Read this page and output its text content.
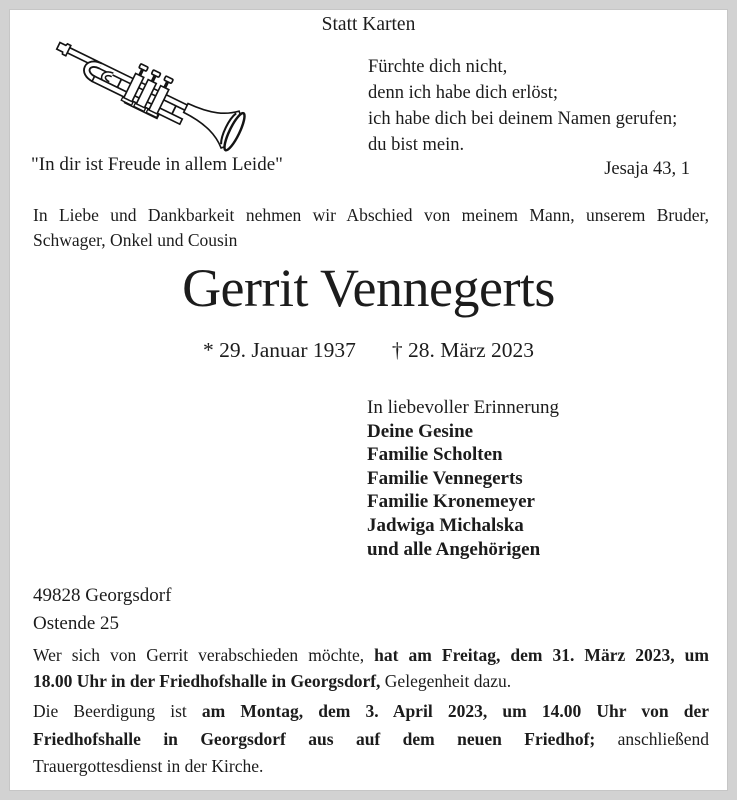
Statt Karten
Fürchte dich nicht,
denn ich habe dich erlöst;
ich habe dich bei deinem Namen gerufen;
du bist mein.
Jesaja 43, 1
"In dir ist Freude in allem Leide"
In Liebe und Dankbarkeit nehmen wir Abschied von meinem Mann, unserem Bruder,
Schwager, Onkel und Cousin
Gerrit Vennegerts
* 29. Januar 1937 † 28. März 2023
In liebevoller Erinnerung
Deine Gesine
Familie Scholten
Familie Vennegerts
Familie Kronemeyer
Jadwiga Michalska
und alle Angehörigen
49828 Georgsdorf
Ostende 25
Wer sich von Gerrit verabschieden möchte, hat am Freitag, dem 31. März 2023, um
18.00 Uhr in der Friedhofshalle in Georgsdorf, Gelegenheit dazu.
Die Beerdigung ist am Montag, dem 3. April 2023, um 14.00 Uhr von der
Friedhofshalle in Georgsdorf aus auf dem neuen Friedhof; anschließend
Trauergottesdienst in der Kirche.
